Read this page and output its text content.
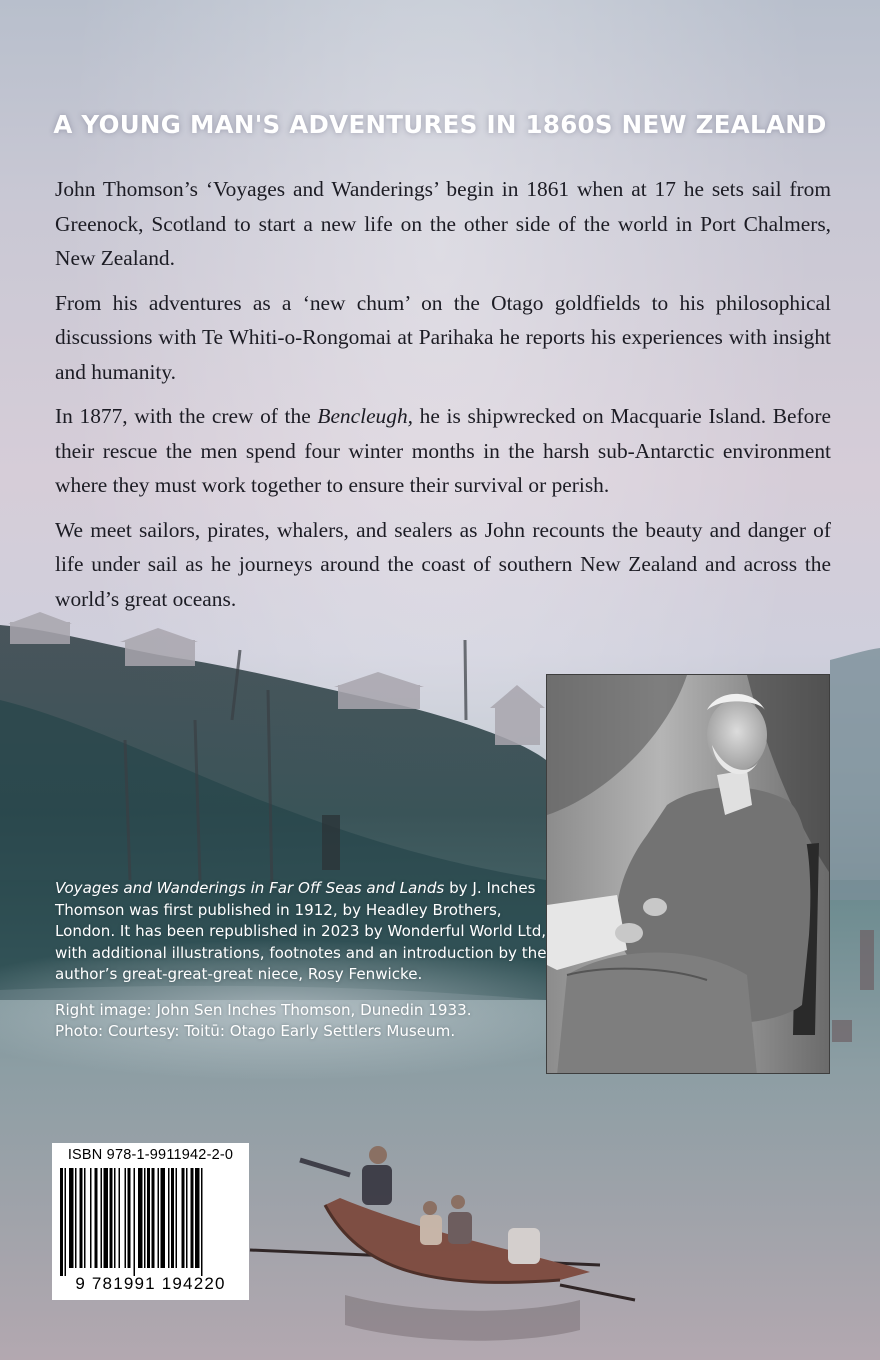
A YOUNG MAN'S ADVENTURES IN 1860S NEW ZEALAND

John Thomson’s ‘Voyages and Wanderings’ begin in 1861 when at 17 he sets sail from Greenock, Scotland to start a new life on the other side of the world in Port Chalmers, New Zealand.

From his adventures as a ‘new chum’ on the Otago goldfields to his philosophical discussions with Te Whiti-o-Rongomai at Parihaka he reports his experiences with insight and humanity.

In 1877, with the crew of the Bencleugh, he is shipwrecked on Macquarie Island. Before their rescue the men spend four winter months in the harsh sub-Antarctic environment where they must work together to ensure their survival or perish.

We meet sailors, pirates, whalers, and sealers as John recounts the beauty and danger of life under sail as he journeys around the coast of southern New Zealand and across the world’s great oceans.

Voyages and Wanderings in Far Off Seas and Lands by J. Inches Thomson was first published in 1912, by Headley Brothers, London. It has been republished in 2023 by Wonderful World Ltd, with additional illustrations, footnotes and an introduction by the author’s great-great-great niece, Rosy Fenwicke.

Right image: John Sen Inches Thomson, Dunedin 1933.

Photo: Courtesy: Toitū: Otago Early Settlers Museum.

ISBN 978-1-9911942-2-0
9 781991 194220
